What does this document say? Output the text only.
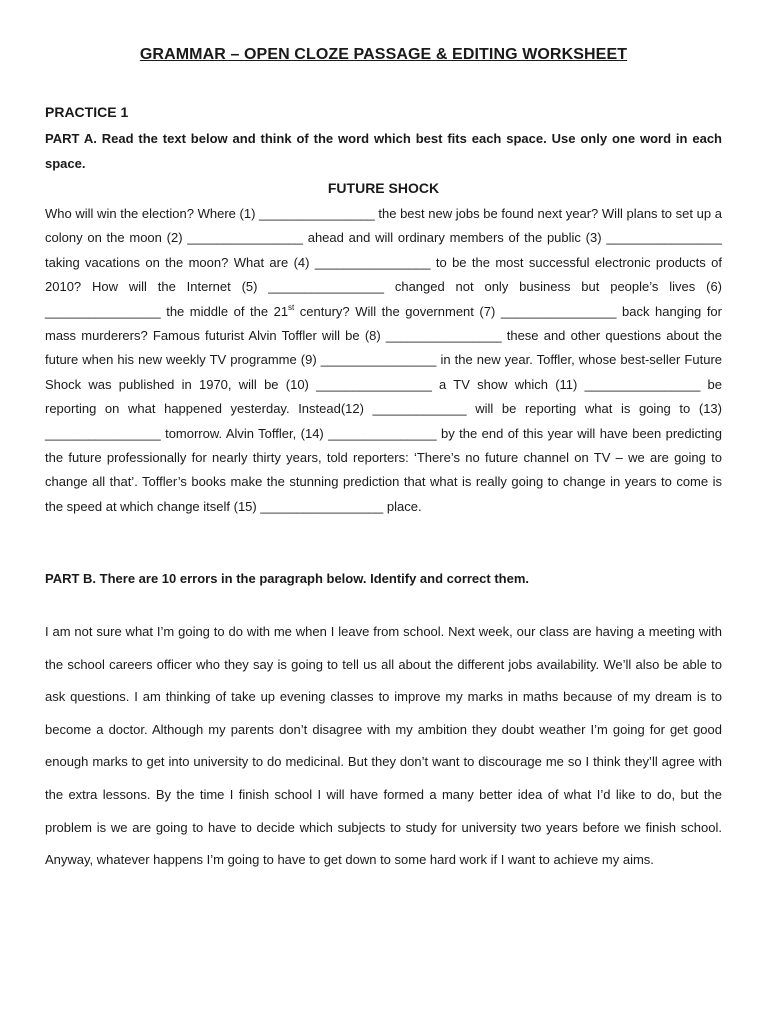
GRAMMAR – OPEN CLOZE PASSAGE & EDITING WORKSHEET
PRACTICE 1
PART A. Read the text below and think of the word which best fits each space. Use only one word in each space.
FUTURE SHOCK
Who will win the election? Where (1) ________________ the best new jobs be found next year? Will plans to set up a colony on the moon (2) ________________ ahead and will ordinary members of the public (3) ________________ taking vacations on the moon? What are (4) ________________ to be the most successful electronic products of 2010? How will the Internet (5) ________________ changed not only business but people’s lives (6) ________________ the middle of the 21st century? Will the government (7) ________________ back hanging for mass murderers? Famous futurist Alvin Toffler will be (8) ________________ these and other questions about the future when his new weekly TV programme (9) ________________ in the new year. Toffler, whose best-seller Future Shock was published in 1970, will be (10) ________________ a TV show which (11) ________________ be reporting on what happened yesterday. Instead(12) _____________ will be reporting what is going to (13) ________________ tomorrow. Alvin Toffler, (14) _______________ by the end of this year will have been predicting the future professionally for nearly thirty years, told reporters: ‘There’s no future channel on TV – we are going to change all that’. Toffler’s books make the stunning prediction that what is really going to change in years to come is the speed at which change itself (15) _________________ place.
PART B. There are 10 errors in the paragraph below. Identify and correct them.
I am not sure what I’m going to do with me when I leave from school. Next week, our class are having a meeting with the school careers officer who they say is going to tell us all about the different jobs availability. We’ll also be able to ask questions. I am thinking of take up evening classes to improve my marks in maths because of my dream is to become a doctor. Although my parents don’t disagree with my ambition they doubt weather I’m going for get good enough marks to get into university to do medicinal. But they don’t want to discourage me so I think they’ll agree with the extra lessons. By the time I finish school I will have formed a many better idea of what I’d like to do, but the problem is we are going to have to decide which subjects to study for university two years before we finish school. Anyway, whatever happens I’m going to have to get down to some hard work if I want to achieve my aims.
